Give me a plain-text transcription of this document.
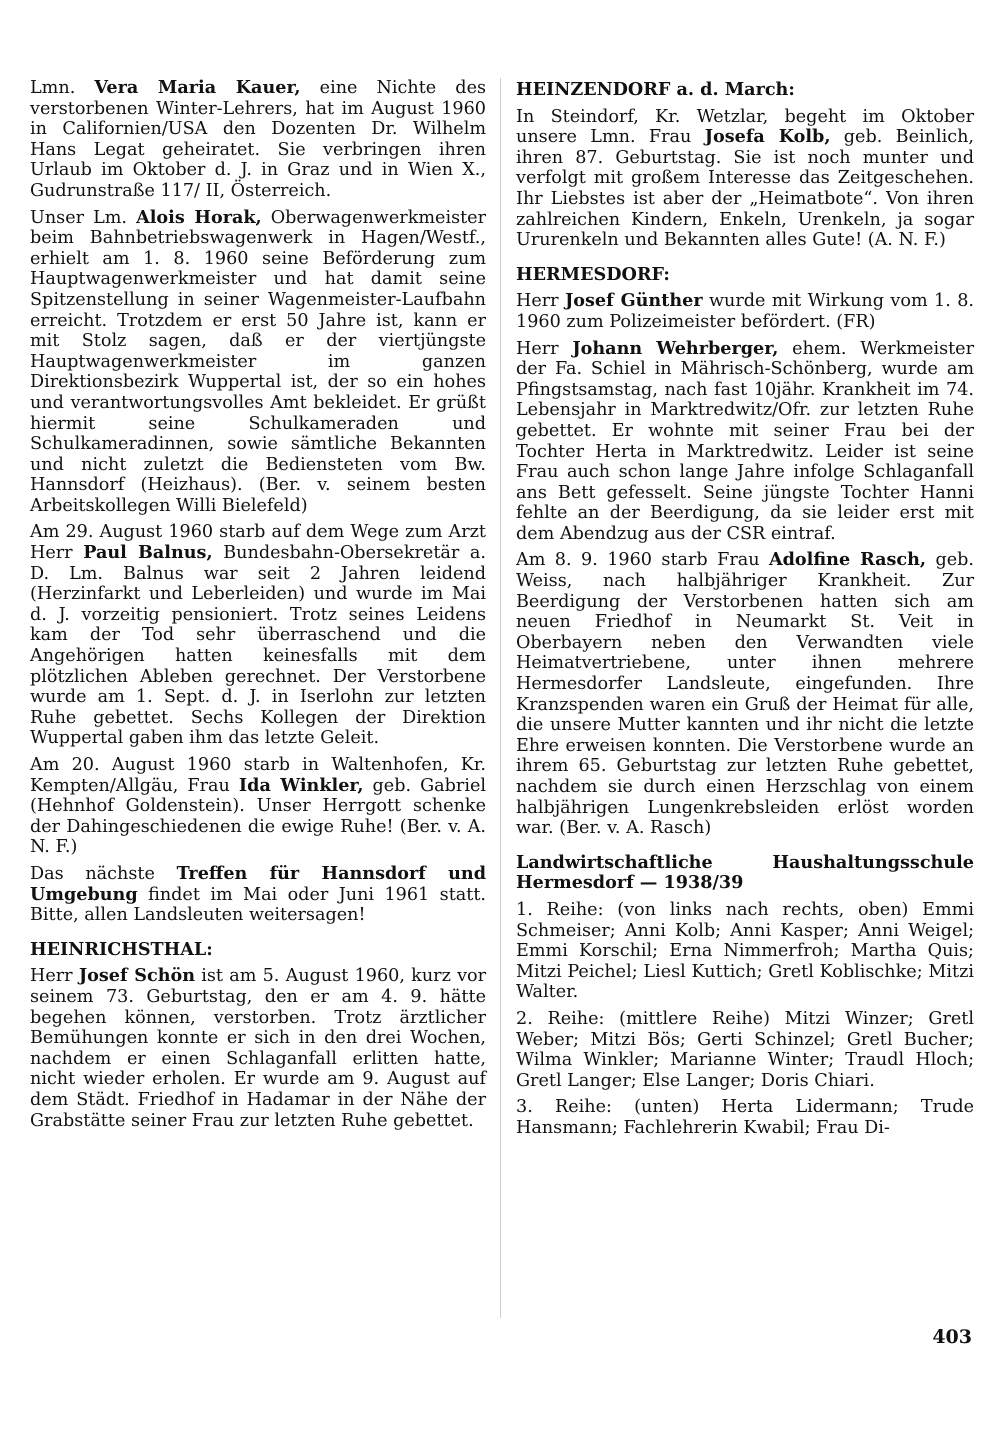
Lmn. Vera Maria Kauer, eine Nichte des verstorbenen Winter-Lehrers, hat im August 1960 in Californien/USA den Dozenten Dr. Wilhelm Hans Legat geheiratet. Sie verbringen ihren Urlaub im Oktober d. J. in Graz und in Wien X., Gudrunstraße 117/ II, Österreich.

Unser Lm. Alois Horak, Oberwagenwerkmeister beim Bahnbetriebswagenwerk in Hagen/Westf., erhielt am 1. 8. 1960 seine Beförderung zum Hauptwagenwerkmeister und hat damit seine Spitzenstellung in seiner Wagenmeister-Laufbahn erreicht. Trotzdem er erst 50 Jahre ist, kann er mit Stolz sagen, daß er der viertjüngste Hauptwagenwerkmeister im ganzen Direktionsbezirk Wuppertal ist, der so ein hohes und verantwortungsvolles Amt bekleidet. Er grüßt hiermit seine Schulkameraden und Schulkameradinnen, sowie sämtliche Bekannten und nicht zuletzt die Bediensteten vom Bw. Hannsdorf (Heizhaus). (Ber. v. seinem besten Arbeitskollegen Willi Bielefeld)

Am 29. August 1960 starb auf dem Wege zum Arzt Herr Paul Balnus, Bundesbahn-Obersekretär a. D. Lm. Balnus war seit 2 Jahren leidend (Herzinfarkt und Leberleiden) und wurde im Mai d. J. vorzeitig pensioniert. Trotz seines Leidens kam der Tod sehr überraschend und die Angehörigen hatten keinesfalls mit dem plötzlichen Ableben gerechnet. Der Verstorbene wurde am 1. Sept. d. J. in Iserlohn zur letzten Ruhe gebettet. Sechs Kollegen der Direktion Wuppertal gaben ihm das letzte Geleit.

Am 20. August 1960 starb in Waltenhofen, Kr. Kempten/Allgäu, Frau Ida Winkler, geb. Gabriel (Hehnhof Goldenstein). Unser Herrgott schenke der Dahingeschiedenen die ewige Ruhe! (Ber. v. A. N. F.)

Das nächste Treffen für Hannsdorf und Umgebung findet im Mai oder Juni 1961 statt. Bitte, allen Landsleuten weitersagen!

HEINRICHSTHAL:

Herr Josef Schön ist am 5. August 1960, kurz vor seinem 73. Geburtstag, den er am 4. 9. hätte begehen können, verstorben. Trotz ärztlicher Bemühungen konnte er sich in den drei Wochen, nachdem er einen Schlaganfall erlitten hatte, nicht wieder erholen. Er wurde am 9. August auf dem Städt. Friedhof in Hadamar in der Nähe der Grabstätte seiner Frau zur letzten Ruhe gebettet.

HEINZENDORF a. d. March:

In Steindorf, Kr. Wetzlar, begeht im Oktober unsere Lmn. Frau Josefa Kolb, geb. Beinlich, ihren 87. Geburtstag. Sie ist noch munter und verfolgt mit großem Interesse das Zeitgeschehen. Ihr Liebstes ist aber der „Heimatbote“. Von ihren zahlreichen Kindern, Enkeln, Urenkeln, ja sogar Ururenkeln und Bekannten alles Gute! (A. N. F.)

HERMESDORF:

Herr Josef Günther wurde mit Wirkung vom 1. 8. 1960 zum Polizeimeister befördert. (FR)

Herr Johann Wehrberger, ehem. Werkmeister der Fa. Schiel in Mährisch-Schönberg, wurde am Pfingstsamstag, nach fast 10jähr. Krankheit im 74. Lebensjahr in Marktredwitz/Ofr. zur letzten Ruhe gebettet. Er wohnte mit seiner Frau bei der Tochter Herta in Marktredwitz. Leider ist seine Frau auch schon lange Jahre infolge Schlaganfall ans Bett gefesselt. Seine jüngste Tochter Hanni fehlte an der Beerdigung, da sie leider erst mit dem Abendzug aus der CSR eintraf.

Am 8. 9. 1960 starb Frau Adolfine Rasch, geb. Weiss, nach halbjähriger Krankheit. Zur Beerdigung der Verstorbenen hatten sich am neuen Friedhof in Neumarkt St. Veit in Oberbayern neben den Verwandten viele Heimatvertriebene, unter ihnen mehrere Hermesdorfer Landsleute, eingefunden. Ihre Kranzspenden waren ein Gruß der Heimat für alle, die unsere Mutter kannten und ihr nicht die letzte Ehre erweisen konnten. Die Verstorbene wurde an ihrem 65. Geburtstag zur letzten Ruhe gebettet, nachdem sie durch einen Herzschlag von einem halbjährigen Lungenkrebsleiden erlöst worden war. (Ber. v. A. Rasch)

Landwirtschaftliche Haushaltungsschule
Hermesdorf — 1938/39

1. Reihe: (von links nach rechts, oben) Emmi Schmeiser; Anni Kolb; Anni Kasper; Anni Weigel; Emmi Korschil; Erna Nimmerfroh; Martha Quis; Mitzi Peichel; Liesl Kuttich; Gretl Koblischke; Mitzi Walter.

2. Reihe: (mittlere Reihe) Mitzi Winzer; Gretl Weber; Mitzi Bös; Gerti Schinzel; Gretl Bucher; Wilma Winkler; Marianne Winter; Traudl Hloch; Gretl Langer; Else Langer; Doris Chiari.

3. Reihe: (unten) Herta Lidermann; Trude Hansmann; Fachlehrerin Kwabil; Frau Di-

403
